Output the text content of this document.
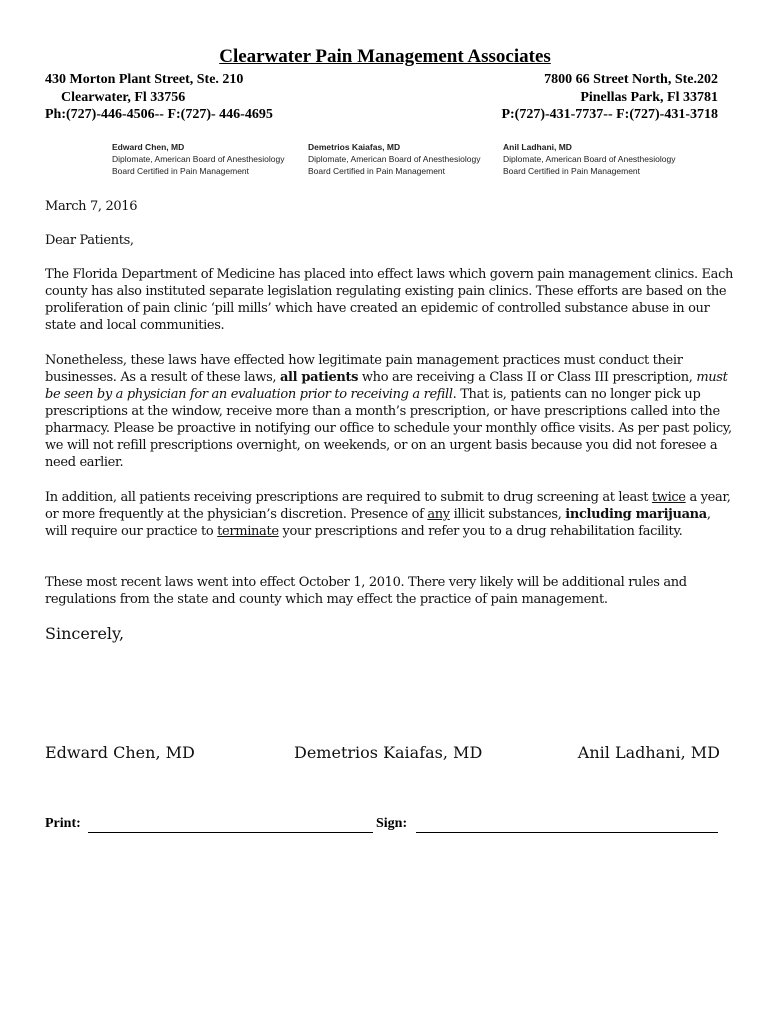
Clearwater Pain Management Associates
430 Morton Plant Street, Ste. 210
Clearwater, Fl 33756
Ph:(727)-446-4506-- F:(727)- 446-4695
7800 66 Street North, Ste.202
Pinellas Park, Fl 33781
P:(727)-431-7737-- F:(727)-431-3718
Edward Chen, MD
Diplomate, American Board of Anesthesiology
Board Certified in Pain Management
Demetrios Kaiafas, MD
Diplomate, American Board of Anesthesiology
Board Certified in Pain Management
Anil Ladhani, MD
Diplomate, American Board of Anesthesiology
Board Certified in Pain Management
March 7, 2016
Dear Patients,
The Florida Department of Medicine has placed into effect laws which govern pain management clinics. Each county has also instituted separate legislation regulating existing pain clinics. These efforts are based on the proliferation of pain clinic ‘pill mills’ which have created an epidemic of controlled substance abuse in our state and local communities.
Nonetheless, these laws have effected how legitimate pain management practices must conduct their businesses. As a result of these laws, all patients who are receiving a Class II or Class III prescription, must be seen by a physician for an evaluation prior to receiving a refill. That is, patients can no longer pick up prescriptions at the window, receive more than a month’s prescription, or have prescriptions called into the pharmacy. Please be proactive in notifying our office to schedule your monthly office visits. As per past policy, we will not refill prescriptions overnight, on weekends, or on an urgent basis because you did not foresee a need earlier.
In addition, all patients receiving prescriptions are required to submit to drug screening at least twice a year, or more frequently at the physician’s discretion. Presence of any illicit substances, including marijuana, will require our practice to terminate your prescriptions and refer you to a drug rehabilitation facility.
These most recent laws went into effect October 1, 2010. There very likely will be additional rules and regulations from the state and county which may effect the practice of pain management.
Sincerely,
Edward Chen, MD	Demetrios Kaiafas, MD	Anil Ladhani, MD
Print:	Sign:
